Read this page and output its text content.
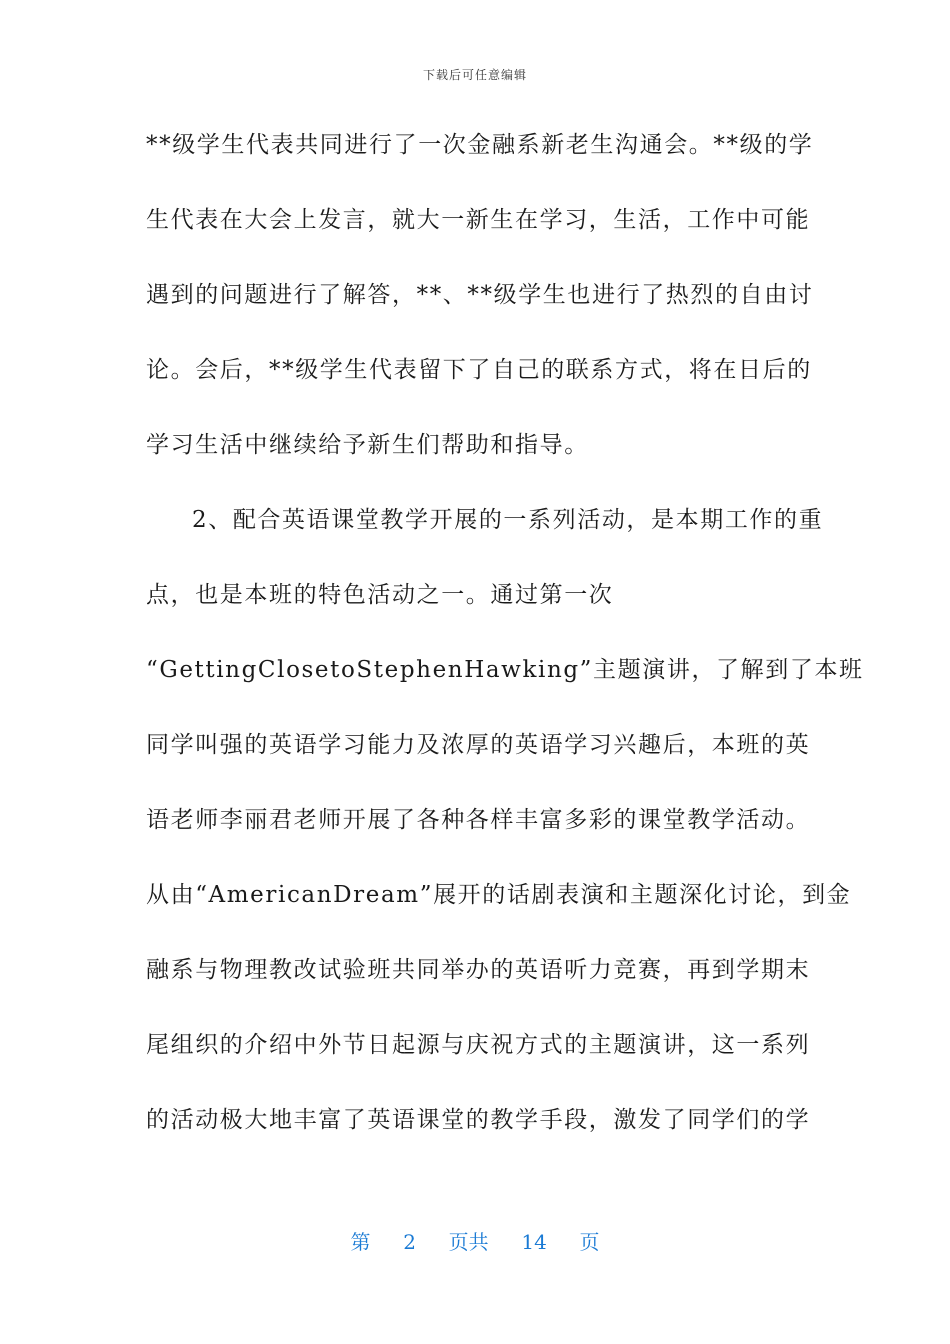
下载后可任意编辑
**级学生代表共同进行了一次金融系新老生沟通会。**级的学
生代表在大会上发言，就大一新生在学习，生活，工作中可能
遇到的问题进行了解答，**、**级学生也进行了热烈的自由讨
论。会后，**级学生代表留下了自己的联系方式，将在日后的
学习生活中继续给予新生们帮助和指导。
2、配合英语课堂教学开展的一系列活动，是本期工作的重
点，也是本班的特色活动之一。通过第一次
“GettingClosetoStephenHawking”主题演讲，了解到了本班
同学叫强的英语学习能力及浓厚的英语学习兴趣后，本班的英
语老师李丽君老师开展了各种各样丰富多彩的课堂教学活动。
从由“AmericanDream”展开的话剧表演和主题深化讨论，到金
融系与物理教改试验班共同举办的英语听力竞赛，再到学期末
尾组织的介绍中外节日起源与庆祝方式的主题演讲，这一系列
的活动极大地丰富了英语课堂的教学手段，激发了同学们的学
第 2 页共 14 页
